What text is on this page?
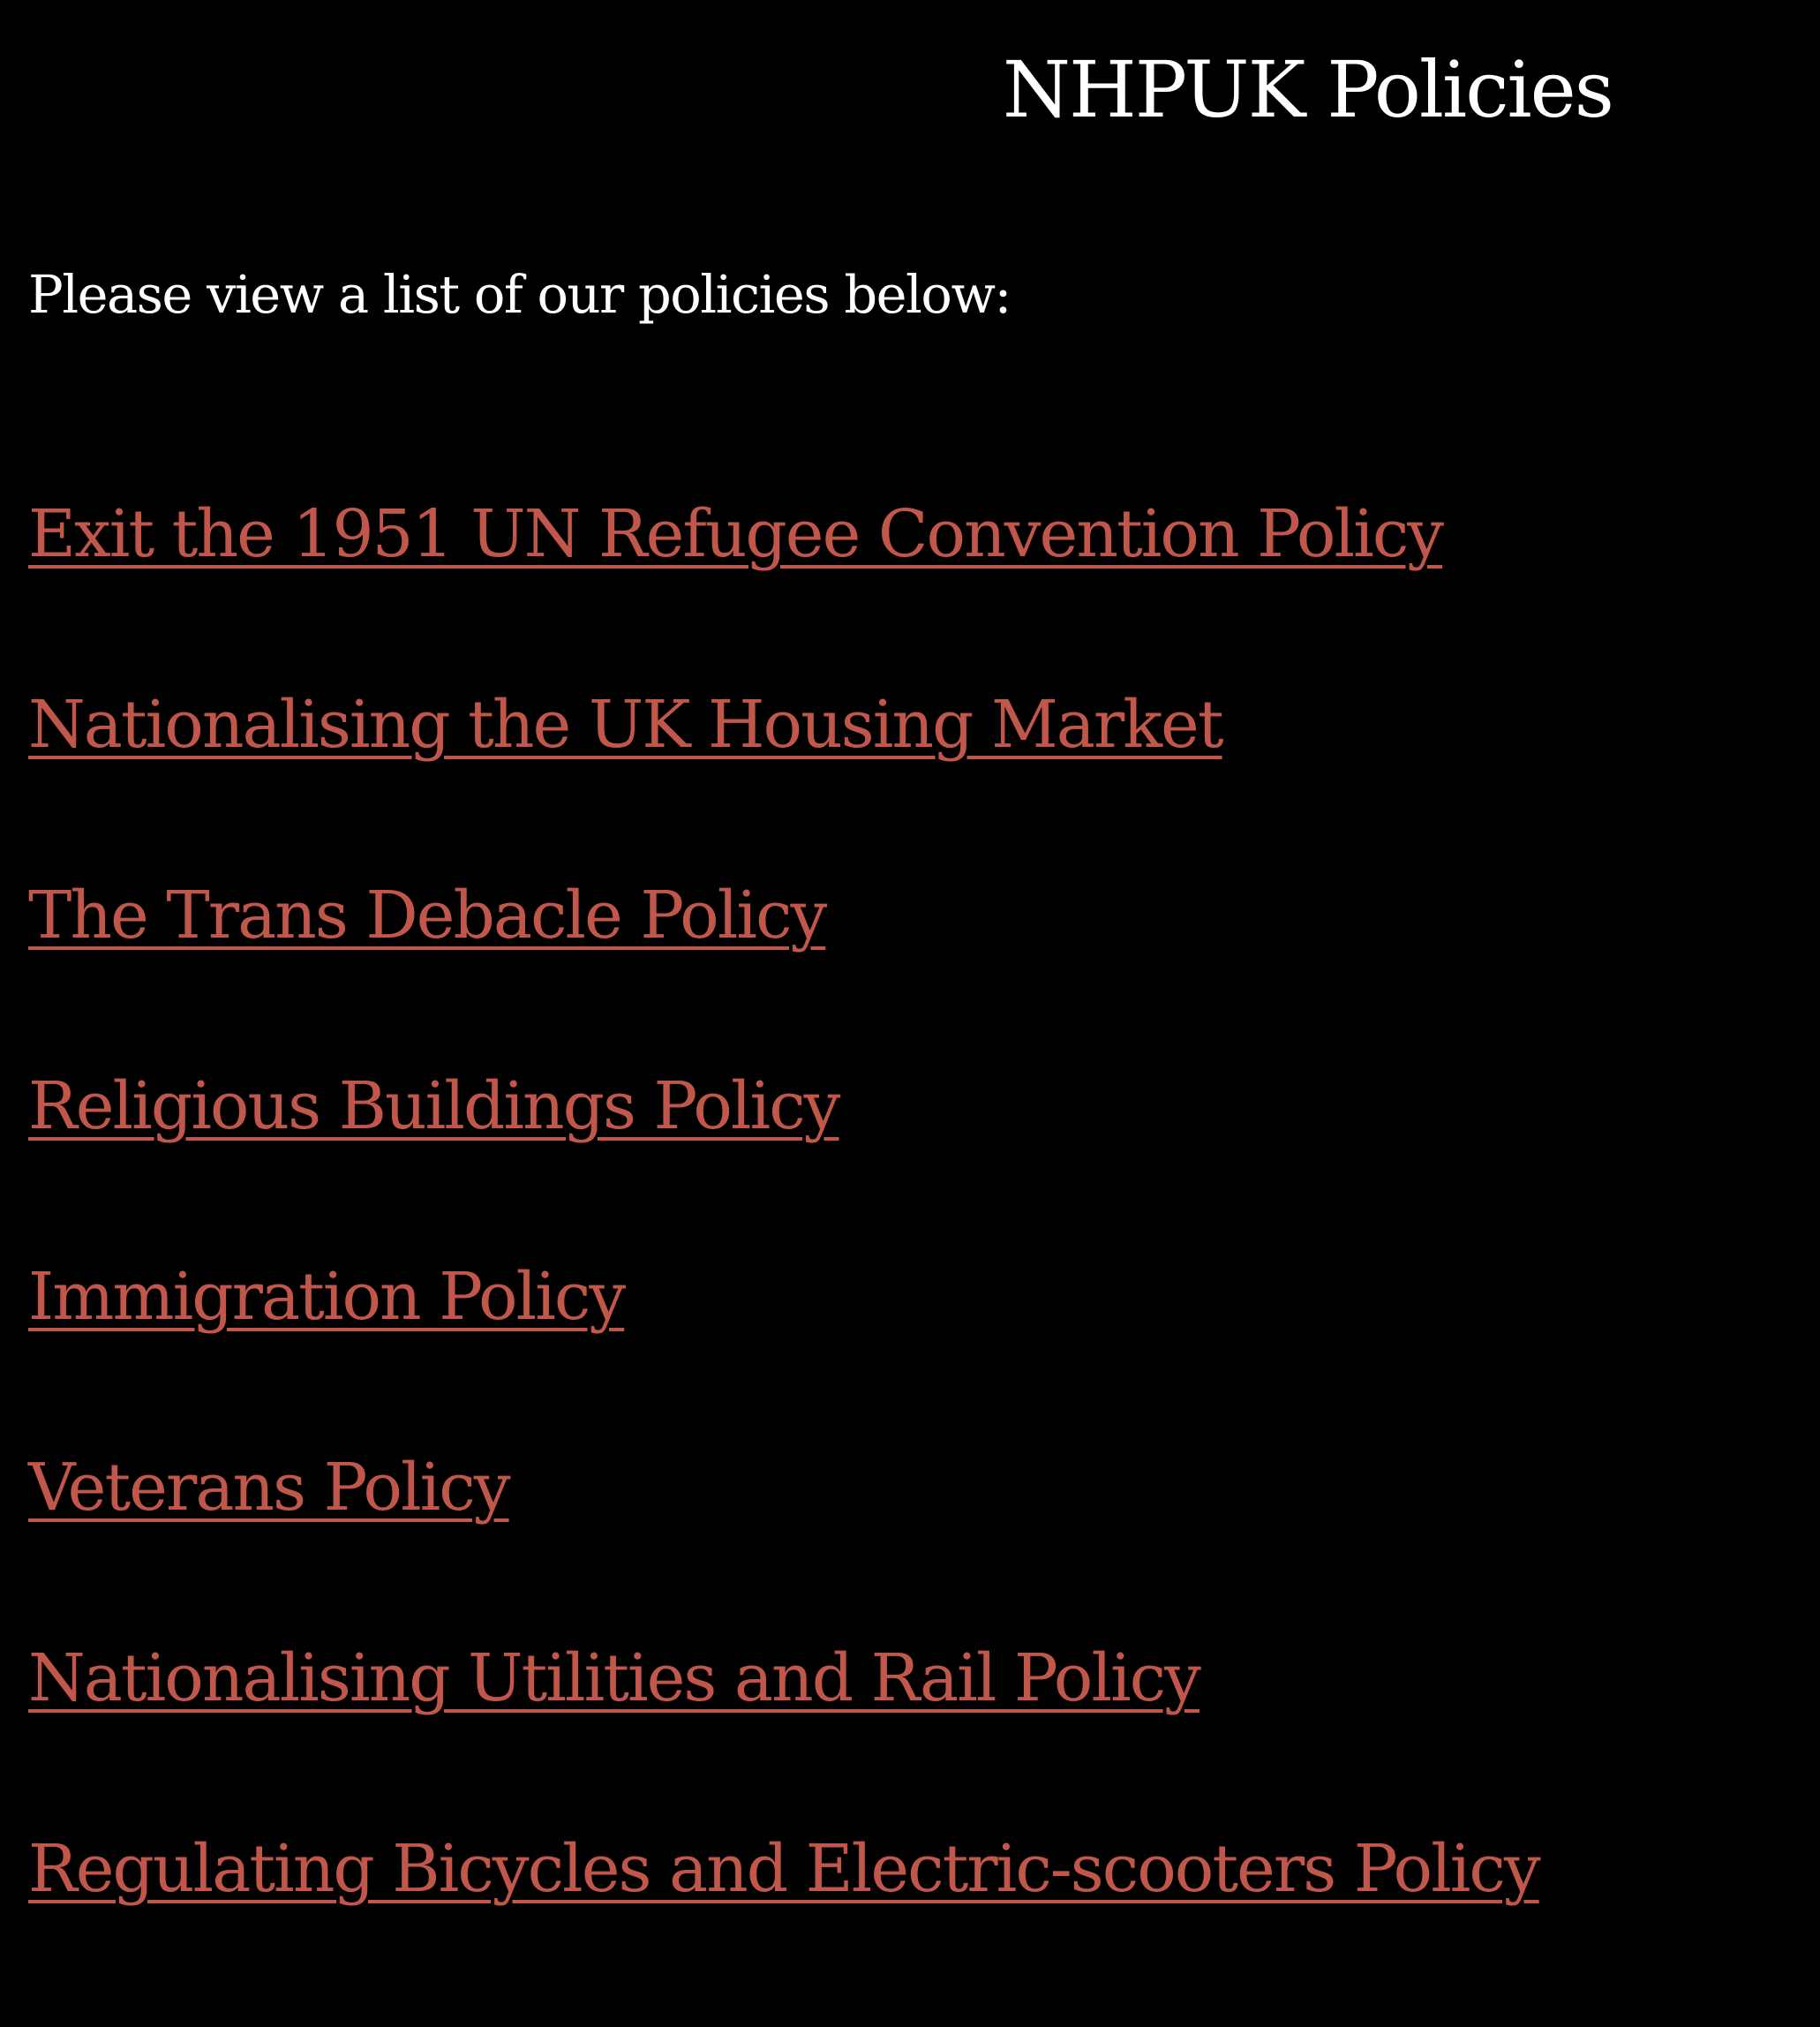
NHPUK Policies

Please view a list of our policies below:

Exit the 1951 UN Refugee Convention Policy
Nationalising the UK Housing Market
The Trans Debacle Policy
Religious Buildings Policy
Immigration Policy
Veterans Policy
Nationalising Utilities and Rail Policy
Regulating Bicycles and Electric-scooters Policy
